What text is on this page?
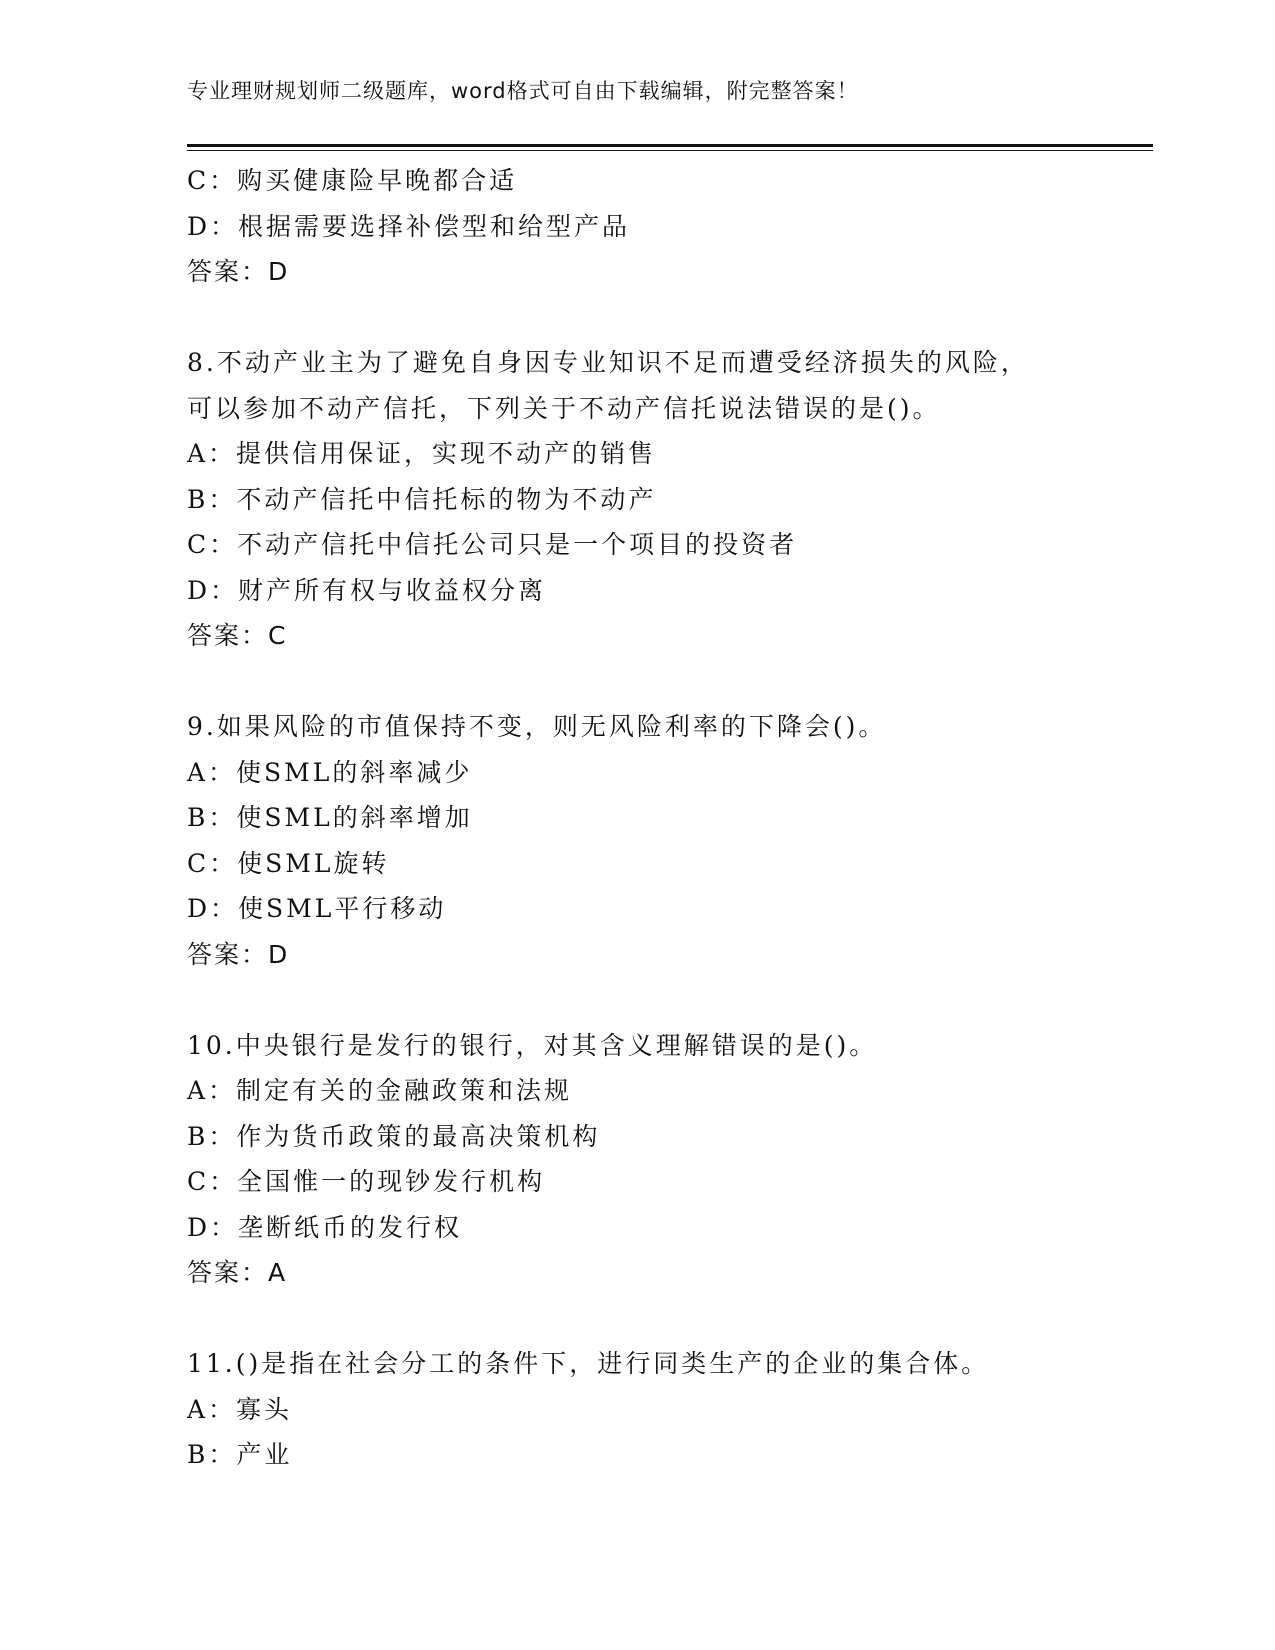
专业理财规划师二级题库，word格式可自由下载编辑，附完整答案！
C：购买健康险早晚都合适
D：根据需要选择补偿型和给型产品
答案：D
8.不动产业主为了避免自身因专业知识不足而遭受经济损失的风险，
可以参加不动产信托，下列关于不动产信托说法错误的是()。
A：提供信用保证，实现不动产的销售
B：不动产信托中信托标的物为不动产
C：不动产信托中信托公司只是一个项目的投资者
D：财产所有权与收益权分离
答案：C
9.如果风险的市值保持不变，则无风险利率的下降会()。
A：使SML的斜率减少
B：使SML的斜率增加
C：使SML旋转
D：使SML平行移动
答案：D
10.中央银行是发行的银行，对其含义理解错误的是()。
A：制定有关的金融政策和法规
B：作为货币政策的最高决策机构
C：全国惟一的现钞发行机构
D：垄断纸币的发行权
答案：A
11.()是指在社会分工的条件下，进行同类生产的企业的集合体。
A：寡头
B：产业
